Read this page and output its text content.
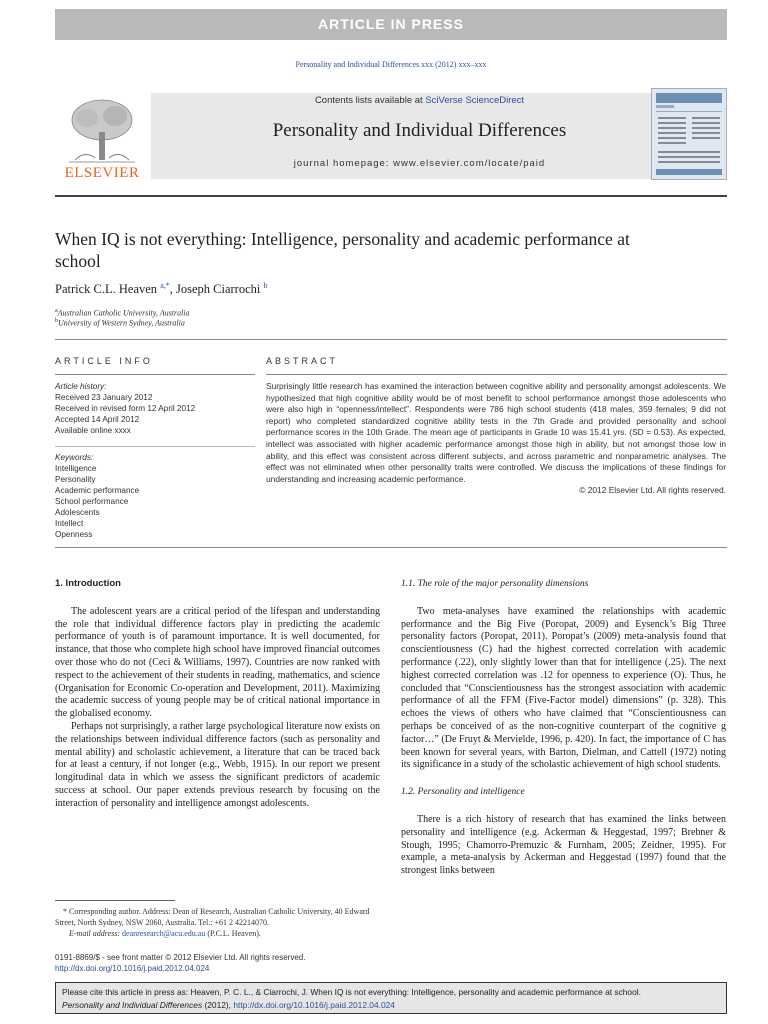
ARTICLE IN PRESS
Personality and Individual Differences xxx (2012) xxx–xxx
ELSEVIER
Contents lists available at SciVerse ScienceDirect
Personality and Individual Differences
journal homepage: www.elsevier.com/locate/paid
When IQ is not everything: Intelligence, personality and academic performance at school
Patrick C.L. Heaven $^{a,*}$, Joseph Ciarrochi $^b$
$^a$Australian Catholic University, Australia
$^b$University of Western Sydney, Australia
ARTICLE INFO	ABSTRACT
Article history:
Received 23 January 2012
Received in revised form 12 April 2012
Accepted 14 April 2012
Available online xxxx
Keywords:
Intelligence
Personality
Academic performance
School performance
Adolescents
Intellect
Openness
Surprisingly little research has examined the interaction between cognitive ability and personality amongst adolescents. We hypothesized that high cognitive ability would be of most benefit to school performance amongst those adolescents who were also high in “openness/intellect”. Respondents were 786 high school students (418 males, 359 females; 9 did not report) who completed standardized cognitive ability tests in the 7th Grade and provided personality and school performance scores in the 10th Grade. The mean age of participants in Grade 10 was 15.41 yrs. (SD = 0.53). As expected, intellect was associated with higher academic performance amongst those high in ability, but not amongst those low in ability, and this effect was consistent across different subjects, and across parametric and nonparametric analyses. The effect was not eliminated when other personality traits were controlled. We discuss the implications of these findings for understanding and increasing academic performance.
© 2012 Elsevier Ltd. All rights reserved.
1. Introduction

The adolescent years are a critical period of the lifespan and understanding the role that individual difference factors play in predicting the academic performance of youth is of paramount importance. It is well documented, for instance, that those who complete high school have improved financial outcomes over those who do not (Ceci & Williams, 1997). Countries are now ranked with respect to the achievement of their students in reading, mathematics, and science (Organisation for Economic Co-operation and Development, 2011). Maximizing the academic success of young people may be of critical national importance in the globalised economy.

Perhaps not surprisingly, a rather large psychological literature now exists on the relationships between individual difference factors (such as personality and mental ability) and scholastic achievement, a literature that can be traced back for at least a century, if not longer (e.g., Webb, 1915). In our report we present longitudinal data in which we assess the significant predictors of academic success at school. Our paper extends previous research by focusing on the interaction of personality and intelligence amongst adolescents.

1.1. The role of the major personality dimensions

Two meta-analyses have examined the relationships with academic performance and the Big Five (Poropat, 2009) and Eysenck’s Big Three personality factors (Poropat, 2011). Poropat’s (2009) meta-analysis found that conscientiousness (C) had the highest corrected correlation with academic performance (.22), only slightly lower than that for intelligence (.25). The next highest corrected correlation was .12 for openness to experience (O). Thus, he concluded that “Conscientiousness has the strongest association with academic performance of all the FFM (Five-Factor model) dimensions” (p. 328). This echoes the views of others who have claimed that “Conscientiousness can perhaps be conceived of as the non-cognitive counterpart of the cognitive g factor…” (De Fruyt & Mervielde, 1996, p. 420). In fact, the importance of C has been known for several years, with Barton, Dielman, and Cattell (1972) noting its significance in a study of the scholastic achievement of high school students.

1.2. Personality and intelligence

There is a rich history of research that has examined the links between personality and intelligence (e.g. Ackerman & Heggestad, 1997; Brebner & Stough, 1995; Chamorro-Premuzic & Furnham, 2005; Zeidner, 1995). For example, a meta-analysis by Ackerman and Heggestad (1997) found that the strongest links between

* Corresponding author. Address: Dean of Research, Australian Catholic University, 40 Edward Street, North Sydney, NSW 2060, Australia. Tel.: +61 2 42214070.
E-mail address: deanresearch@acu.edu.au (P.C.L. Heaven).
0191-8869/$ - see front matter © 2012 Elsevier Ltd. All rights reserved.
http://dx.doi.org/10.1016/j.paid.2012.04.024
Please cite this article in press as: Heaven, P. C. L., & Ciarrochi, J. When IQ is not everything: Intelligence, personality and academic performance at school.
Personality and Individual Differences (2012), http://dx.doi.org/10.1016/j.paid.2012.04.024
